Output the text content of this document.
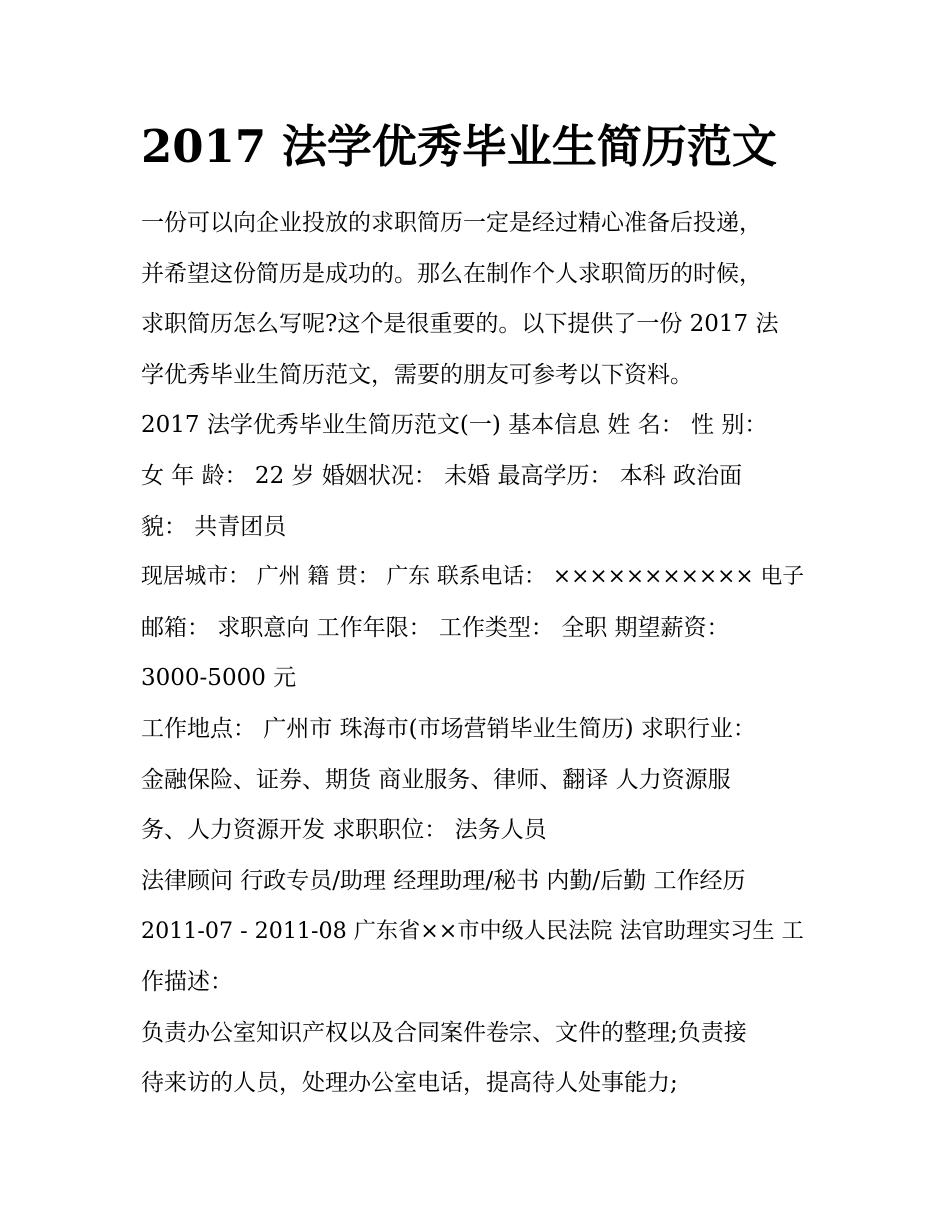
2017 法学优秀毕业生简历范文

一份可以向企业投放的求职简历一定是经过精心准备后投递，

并希望这份简历是成功的。那么在制作个人求职简历的时候，

求职简历怎么写呢?这个是很重要的。以下提供了一份 2017 法

学优秀毕业生简历范文，需要的朋友可参考以下资料。

2017 法学优秀毕业生简历范文(一) 基本信息 姓 名： 性 别：

女 年 龄： 22 岁 婚姻状况： 未婚 最高学历： 本科 政治面

貌： 共青团员

现居城市： 广州 籍 贯： 广东 联系电话： ××××××××××× 电子

邮箱： 求职意向 工作年限： 工作类型： 全职 期望薪资：

3000-5000 元

工作地点： 广州市 珠海市(市场营销毕业生简历) 求职行业：

金融保险、证券、期货 商业服务、律师、翻译 人力资源服

务、人力资源开发 求职职位： 法务人员

法律顾问 行政专员/助理 经理助理/秘书 内勤/后勤 工作经历

2011-07 - 2011-08 广东省××市中级人民法院 法官助理实习生 工

作描述：

负责办公室知识产权以及合同案件卷宗、文件的整理;负责接

待来访的人员，处理办公室电话，提高待人处事能力;
